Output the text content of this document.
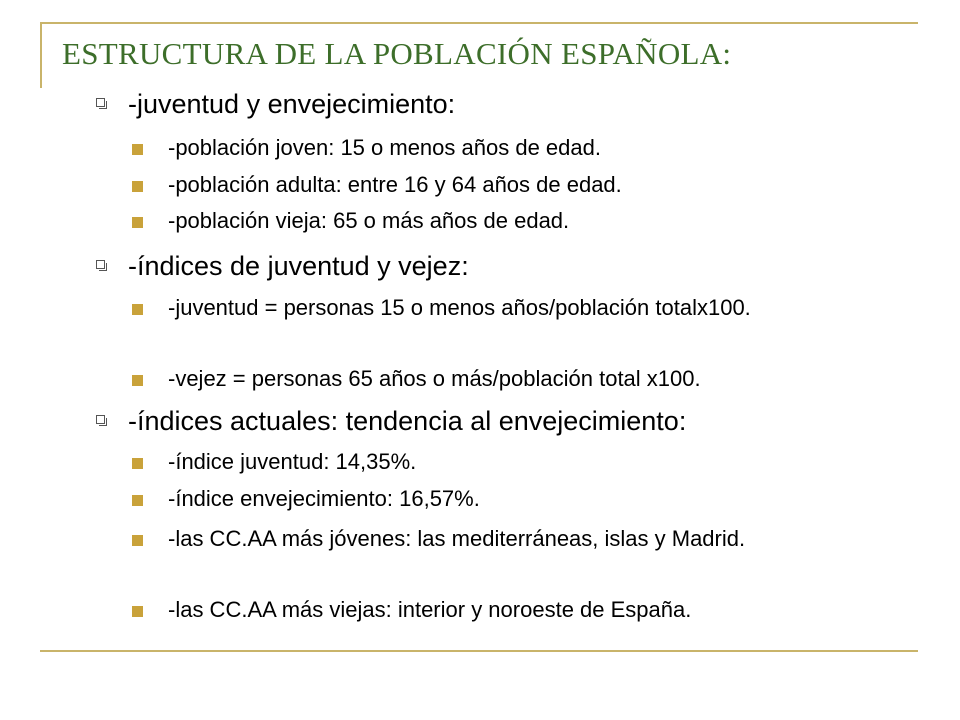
ESTRUCTURA DE LA POBLACIÓN ESPAÑOLA:
-juventud y envejecimiento:
-población joven: 15 o menos años de edad.
-población adulta: entre 16 y 64 años de edad.
-población vieja: 65 o más años de edad.
-índices de juventud y vejez:
-juventud = personas 15 o menos años/población totalx100.
-vejez = personas 65 años o más/población total x100.
-índices actuales: tendencia al envejecimiento:
-índice juventud: 14,35%.
-índice envejecimiento: 16,57%.
-las CC.AA más jóvenes: las mediterráneas, islas y Madrid.
-las CC.AA más viejas: interior y noroeste de España.
